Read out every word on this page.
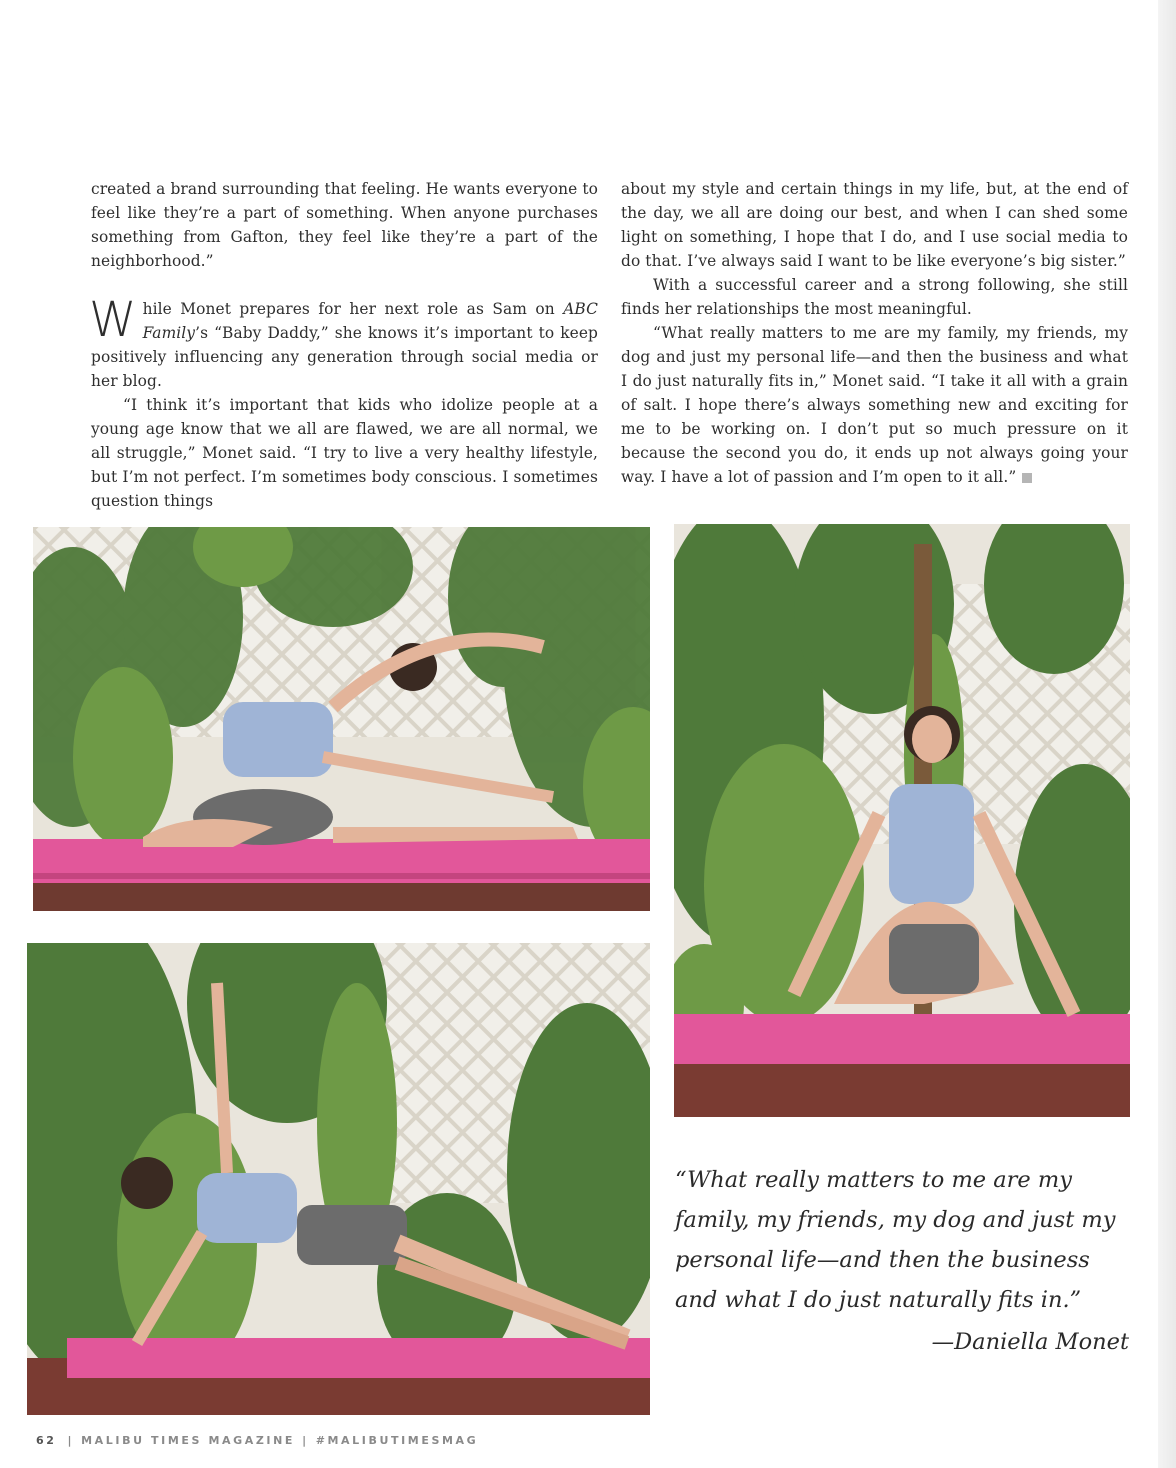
created a brand surrounding that feeling. He wants everyone to feel like they’re a part of something. When anyone purchases something from Gafton, they feel like they’re a part of the neighborhood.”

While Monet prepares for her next role as Sam on ABC Family’s “Baby Daddy,” she knows it’s important to keep positively influencing any generation through social media or her blog.

“I think it’s important that kids who idolize people at a young age know that we all are flawed, we are all normal, we all struggle,” Monet said. “I try to live a very healthy lifestyle, but I’m not perfect. I’m sometimes body conscious. I sometimes question things

about my style and certain things in my life, but, at the end of the day, we all are doing our best, and when I can shed some light on something, I hope that I do, and I use social media to do that. I’ve always said I want to be like everyone’s big sister.”

With a successful career and a strong following, she still finds her relationships the most meaningful.

“What really matters to me are my family, my friends, my dog and just my personal life—and then the business and what I do just naturally fits in,” Monet said. “I take it all with a grain of salt. I hope there’s always something new and exciting for me to be working on. I don’t put so much pressure on it because the second you do, it ends up not always going your way. I have a lot of passion and I’m open to it all.”

“What really matters to me are my

family, my friends, my dog and just my

personal life—and then the business

and what I do just naturally fits in.”

—Daniella Monet
62 | MALIBU TIMES MAGAZINE | #MALIBUTIMESMAG
